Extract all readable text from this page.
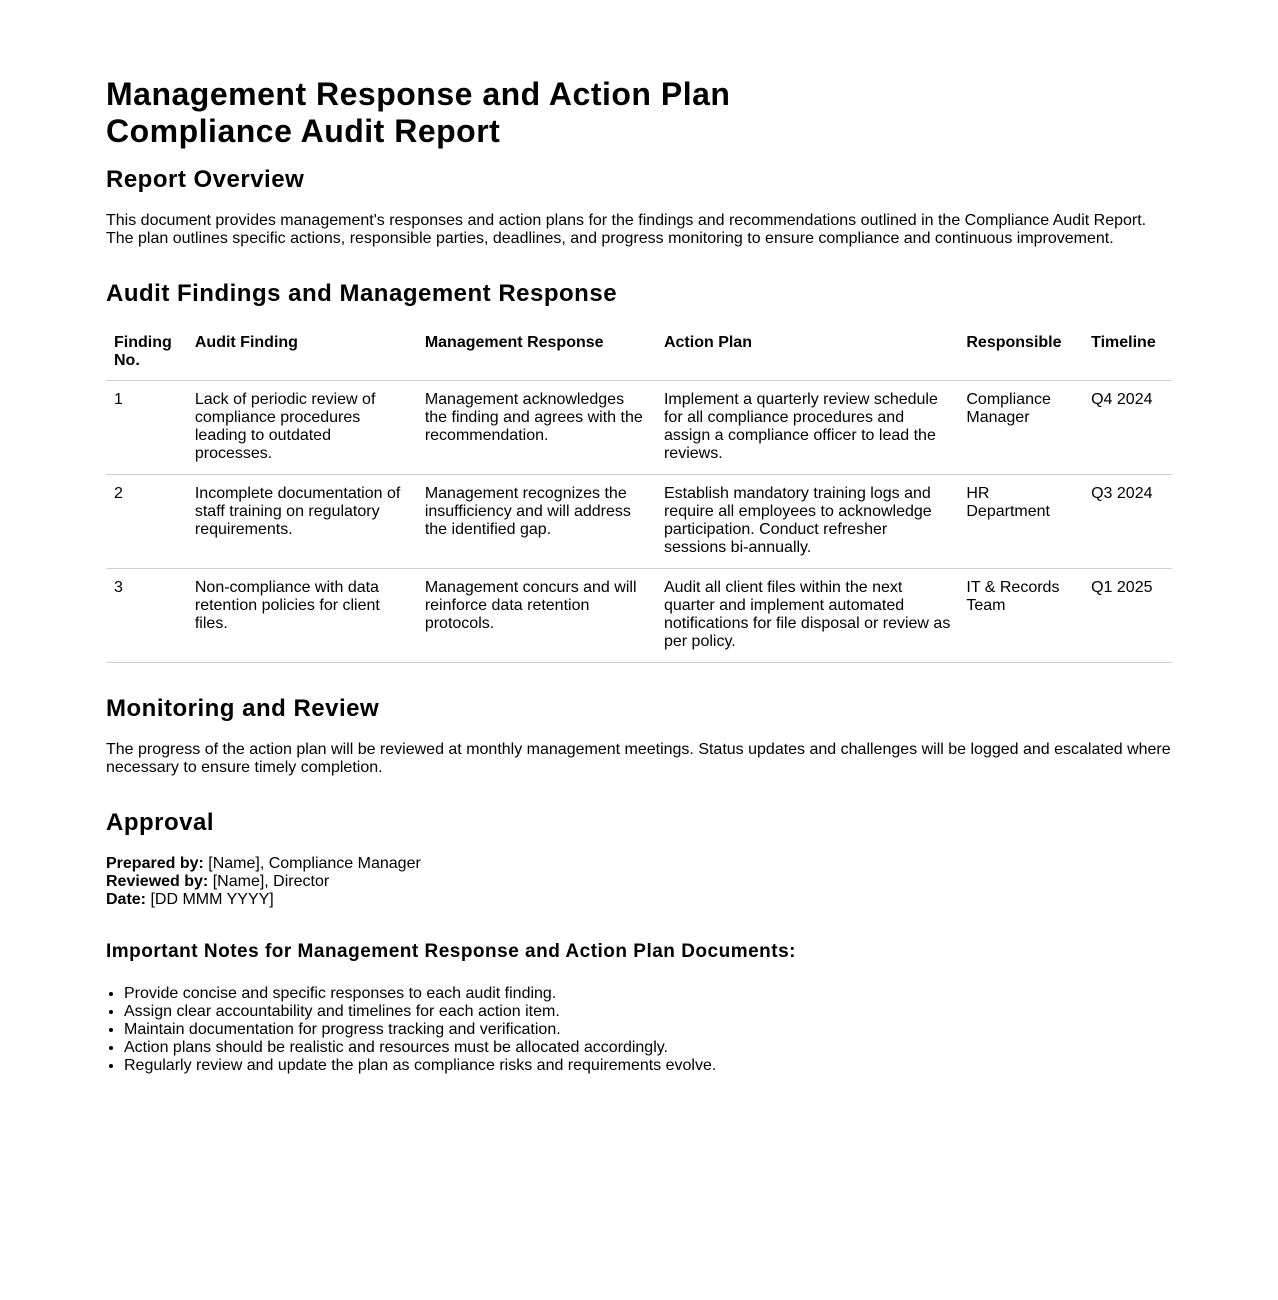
Management Response and Action Plan
Compliance Audit Report
Report Overview

This document provides management's responses and action plans for the findings and recommendations outlined in the Compliance Audit Report. The plan outlines specific actions, responsible parties, deadlines, and progress monitoring to ensure compliance and continuous improvement.

Audit Findings and Management Response
Finding No.	Audit Finding	Management Response	Action Plan	Responsible	Timeline
1	Lack of periodic review of compliance procedures leading to outdated processes.	Management acknowledges the finding and agrees with the recommendation.	Implement a quarterly review schedule for all compliance procedures and assign a compliance officer to lead the reviews.	Compliance Manager	Q4 2024
2	Incomplete documentation of staff training on regulatory requirements.	Management recognizes the insufficiency and will address the identified gap.	Establish mandatory training logs and require all employees to acknowledge participation. Conduct refresher sessions bi-annually.	HR Department	Q3 2024
3	Non-compliance with data retention policies for client files.	Management concurs and will reinforce data retention protocols.	Audit all client files within the next quarter and implement automated notifications for file disposal or review as per policy.	IT & Records Team	Q1 2025
Monitoring and Review

The progress of the action plan will be reviewed at monthly management meetings. Status updates and challenges will be logged and escalated where necessary to ensure timely completion.

Approval
Prepared by: [Name], Compliance Manager
Reviewed by: [Name], Director
Date: [DD MMM YYYY]
Important Notes for Management Response and Action Plan Documents:
• Provide concise and specific responses to each audit finding.
• Assign clear accountability and timelines for each action item.
• Maintain documentation for progress tracking and verification.
• Action plans should be realistic and resources must be allocated accordingly.
• Regularly review and update the plan as compliance risks and requirements evolve.
